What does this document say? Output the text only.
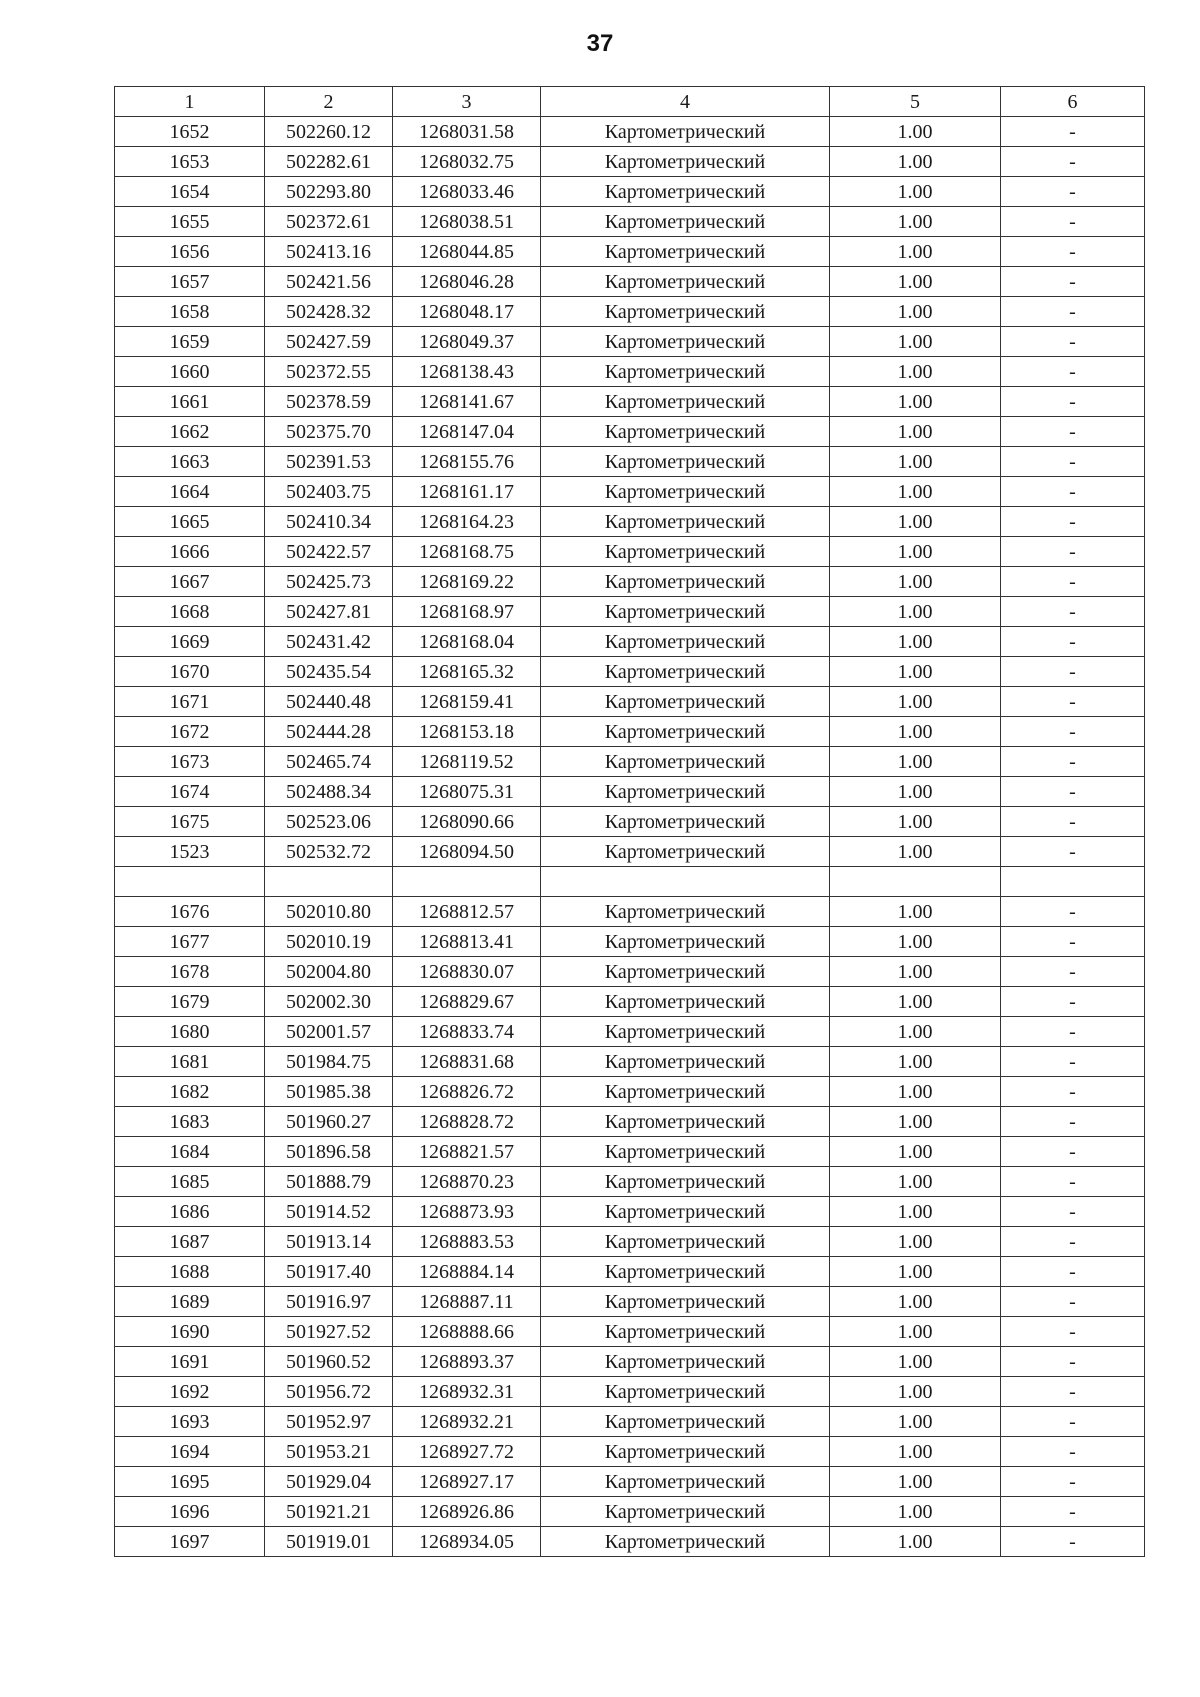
37
1	2	3	4	5	6
1652	502260.12	1268031.58	Картометрический	1.00	-
1653	502282.61	1268032.75	Картометрический	1.00	-
1654	502293.80	1268033.46	Картометрический	1.00	-
1655	502372.61	1268038.51	Картометрический	1.00	-
1656	502413.16	1268044.85	Картометрический	1.00	-
1657	502421.56	1268046.28	Картометрический	1.00	-
1658	502428.32	1268048.17	Картометрический	1.00	-
1659	502427.59	1268049.37	Картометрический	1.00	-
1660	502372.55	1268138.43	Картометрический	1.00	-
1661	502378.59	1268141.67	Картометрический	1.00	-
1662	502375.70	1268147.04	Картометрический	1.00	-
1663	502391.53	1268155.76	Картометрический	1.00	-
1664	502403.75	1268161.17	Картометрический	1.00	-
1665	502410.34	1268164.23	Картометрический	1.00	-
1666	502422.57	1268168.75	Картометрический	1.00	-
1667	502425.73	1268169.22	Картометрический	1.00	-
1668	502427.81	1268168.97	Картометрический	1.00	-
1669	502431.42	1268168.04	Картометрический	1.00	-
1670	502435.54	1268165.32	Картометрический	1.00	-
1671	502440.48	1268159.41	Картометрический	1.00	-
1672	502444.28	1268153.18	Картометрический	1.00	-
1673	502465.74	1268119.52	Картометрический	1.00	-
1674	502488.34	1268075.31	Картометрический	1.00	-
1675	502523.06	1268090.66	Картометрический	1.00	-
1523	502532.72	1268094.50	Картометрический	1.00	-

1676	502010.80	1268812.57	Картометрический	1.00	-
1677	502010.19	1268813.41	Картометрический	1.00	-
1678	502004.80	1268830.07	Картометрический	1.00	-
1679	502002.30	1268829.67	Картометрический	1.00	-
1680	502001.57	1268833.74	Картометрический	1.00	-
1681	501984.75	1268831.68	Картометрический	1.00	-
1682	501985.38	1268826.72	Картометрический	1.00	-
1683	501960.27	1268828.72	Картометрический	1.00	-
1684	501896.58	1268821.57	Картометрический	1.00	-
1685	501888.79	1268870.23	Картометрический	1.00	-
1686	501914.52	1268873.93	Картометрический	1.00	-
1687	501913.14	1268883.53	Картометрический	1.00	-
1688	501917.40	1268884.14	Картометрический	1.00	-
1689	501916.97	1268887.11	Картометрический	1.00	-
1690	501927.52	1268888.66	Картометрический	1.00	-
1691	501960.52	1268893.37	Картометрический	1.00	-
1692	501956.72	1268932.31	Картометрический	1.00	-
1693	501952.97	1268932.21	Картометрический	1.00	-
1694	501953.21	1268927.72	Картометрический	1.00	-
1695	501929.04	1268927.17	Картометрический	1.00	-
1696	501921.21	1268926.86	Картометрический	1.00	-
1697	501919.01	1268934.05	Картометрический	1.00	-
